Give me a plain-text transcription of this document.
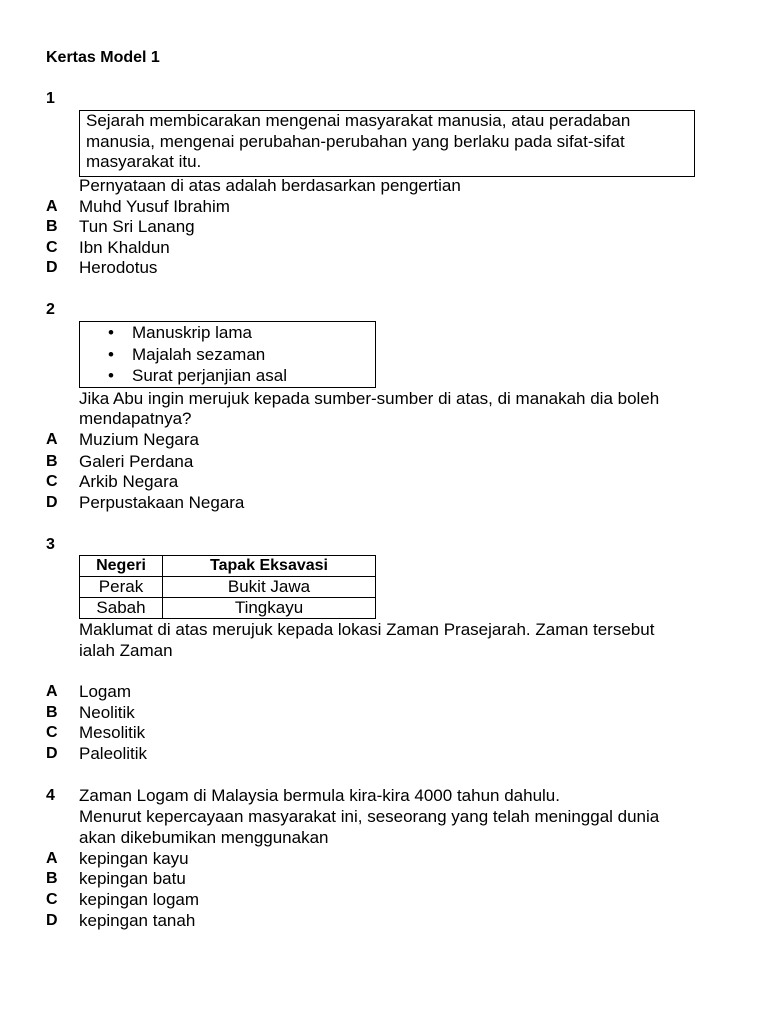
Kertas Model 1
1
Sejarah membicarakan mengenai masyarakat manusia, atau peradaban
manusia, mengenai perubahan-perubahan yang berlaku pada sifat-sifat
masyarakat itu.
Pernyataan di atas adalah berdasarkan pengertian
A Muhd Yusuf Ibrahim
B Tun Sri Lanang
C Ibn Khaldun
D Herodotus
2
• Manuskrip lama
• Majalah sezaman
• Surat perjanjian asal
Jika Abu ingin merujuk kepada sumber-sumber di atas, di manakah dia boleh
mendapatnya?
A Muzium Negara
B Galeri Perdana
C Arkib Negara
D Perpustakaan Negara
3
Negeri	Tapak Eksavasi
Perak	Bukit Jawa
Sabah	Tingkayu
Maklumat di atas merujuk kepada lokasi Zaman Prasejarah. Zaman tersebut
ialah Zaman
A Logam
B Neolitik
C Mesolitik
D Paleolitik
4 Zaman Logam di Malaysia bermula kira-kira 4000 tahun dahulu.
Menurut kepercayaan masyarakat ini, seseorang yang telah meninggal dunia
akan dikebumikan menggunakan
A kepingan kayu
B kepingan batu
C kepingan logam
D kepingan tanah
